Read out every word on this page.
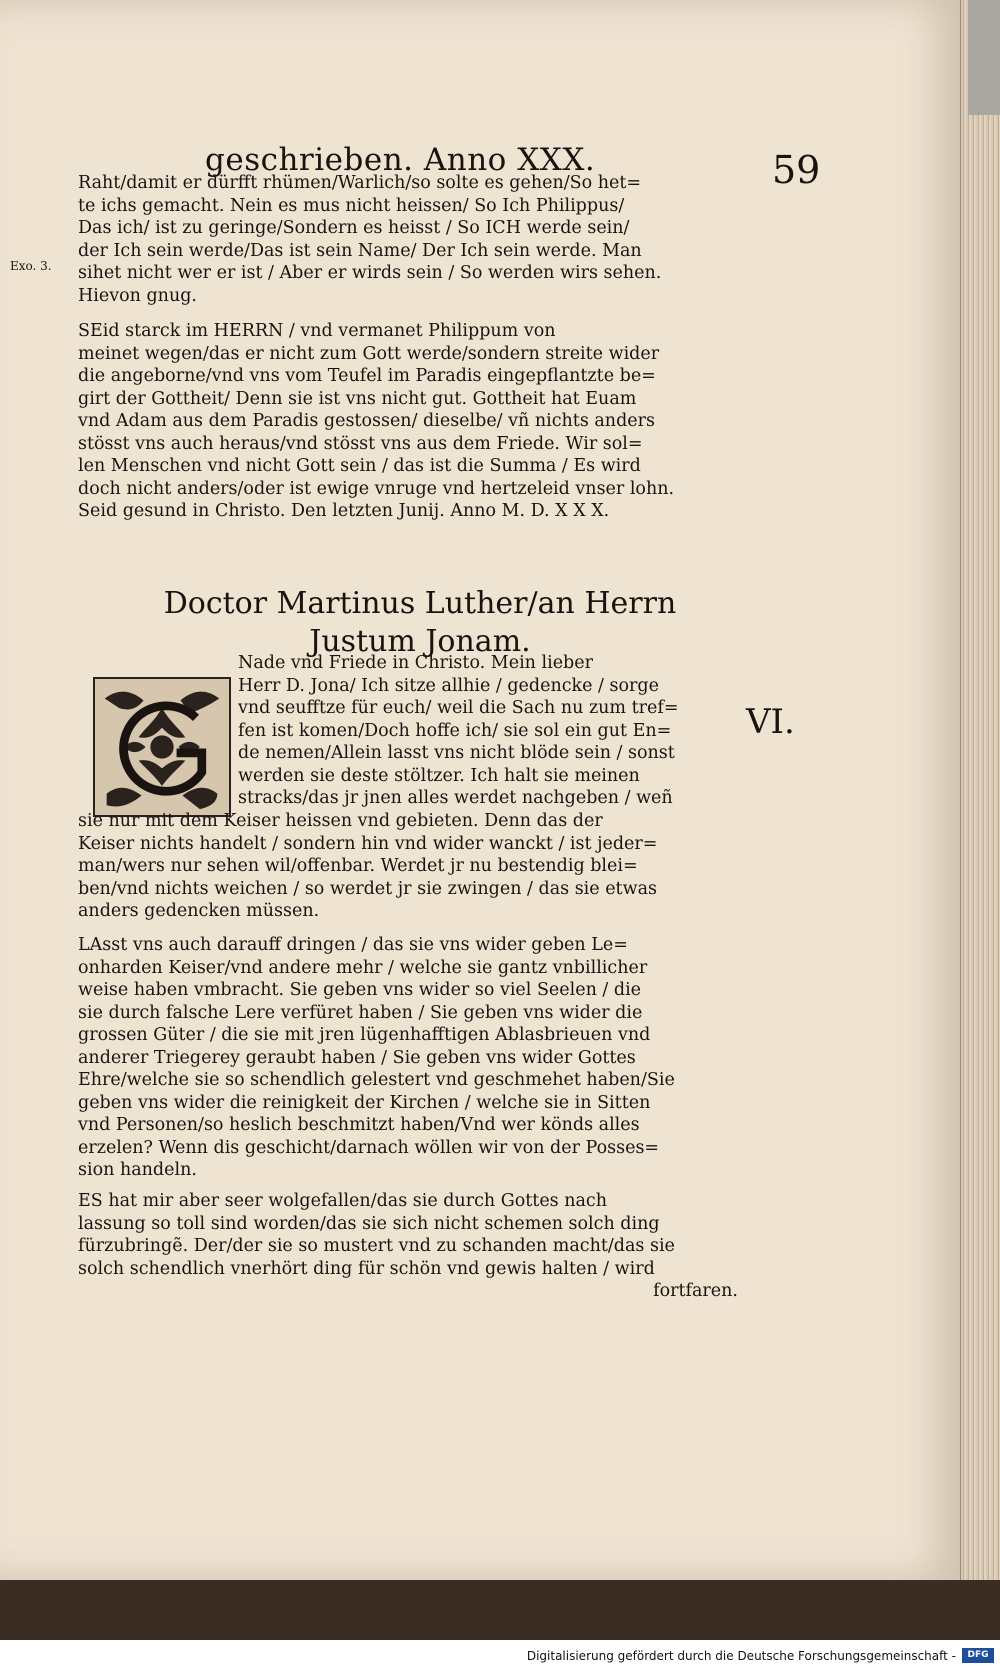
geschrieben. Anno XXX.	59
Exo. 3.
Raht/damit er dürfft rhümen/Warlich/so solte es gehen/So het=
te ichs gemacht. Nein es mus nicht heissen/ So Ich Philippus/
Das ich/ ist zu geringe/Sondern es heisst / So ICH werde sein/
der Ich sein werde/Das ist sein Name/ Der Ich sein werde. Man
sihet nicht wer er ist / Aber er wirds sein / So werden wirs sehen.
Hievon gnug.
SEid starck im HERRN / vnd vermanet Philippum von
meinet wegen/das er nicht zum Gott werde/sondern streite wider
die angeborne/vnd vns vom Teufel im Paradis eingepflantzte be=
girt der Gottheit/ Denn sie ist vns nicht gut. Gottheit hat Euam
vnd Adam aus dem Paradis gestossen/ dieselbe/ vñ nichts anders
stösst vns auch heraus/vnd stösst vns aus dem Friede. Wir sol=
len Menschen vnd nicht Gott sein / das ist die Summa / Es wird
doch nicht anders/oder ist ewige vnruge vnd hertzeleid vnser lohn.
Seid gesund in Christo. Den letzten Junij. Anno M. D. X X X.
Doctor Martinus Luther/an Herrn
Justum Jonam.
VI.
Nade vnd Friede in Christo. Mein lieber
Herr D. Jona/ Ich sitze allhie / gedencke / sorge
vnd seufftze für euch/ weil die Sach nu zum tref=
fen ist komen/Doch hoffe ich/ sie sol ein gut En=
de nemen/Allein lasst vns nicht blöde sein / sonst
werden sie deste stöltzer. Ich halt sie meinen
stracks/das jr jnen alles werdet nachgeben / weñ
sie nur mit dem Keiser heissen vnd gebieten. Denn das der
Keiser nichts handelt / sondern hin vnd wider wanckt / ist jeder=
man/wers nur sehen wil/offenbar. Werdet jr nu bestendig blei=
ben/vnd nichts weichen / so werdet jr sie zwingen / das sie etwas
anders gedencken müssen.
LAsst vns auch darauff dringen / das sie vns wider geben Le=
onharden Keiser/vnd andere mehr / welche sie gantz vnbillicher
weise haben vmbracht. Sie geben vns wider so viel Seelen / die
sie durch falsche Lere verfüret haben / Sie geben vns wider die
grossen Güter / die sie mit jren lügenhafftigen Ablasbrieuen vnd
anderer Triegerey geraubt haben / Sie geben vns wider Gottes
Ehre/welche sie so schendlich gelestert vnd geschmehet haben/Sie
geben vns wider die reinigkeit der Kirchen / welche sie in Sitten
vnd Personen/so heslich beschmitzt haben/Vnd wer könds alles
erzelen? Wenn dis geschicht/darnach wöllen wir von der Posses=
sion handeln.
ES hat mir aber seer wolgefallen/das sie durch Gottes nach
lassung so toll sind worden/das sie sich nicht schemen solch ding
fürzubringẽ. Der/der sie so mustert vnd zu schanden macht/das sie
solch schendlich vnerhört ding für schön vnd gewis halten / wird
fortfaren.
Digitalisierung gefördert durch die Deutsche Forschungsgemeinschaft -	DFG
